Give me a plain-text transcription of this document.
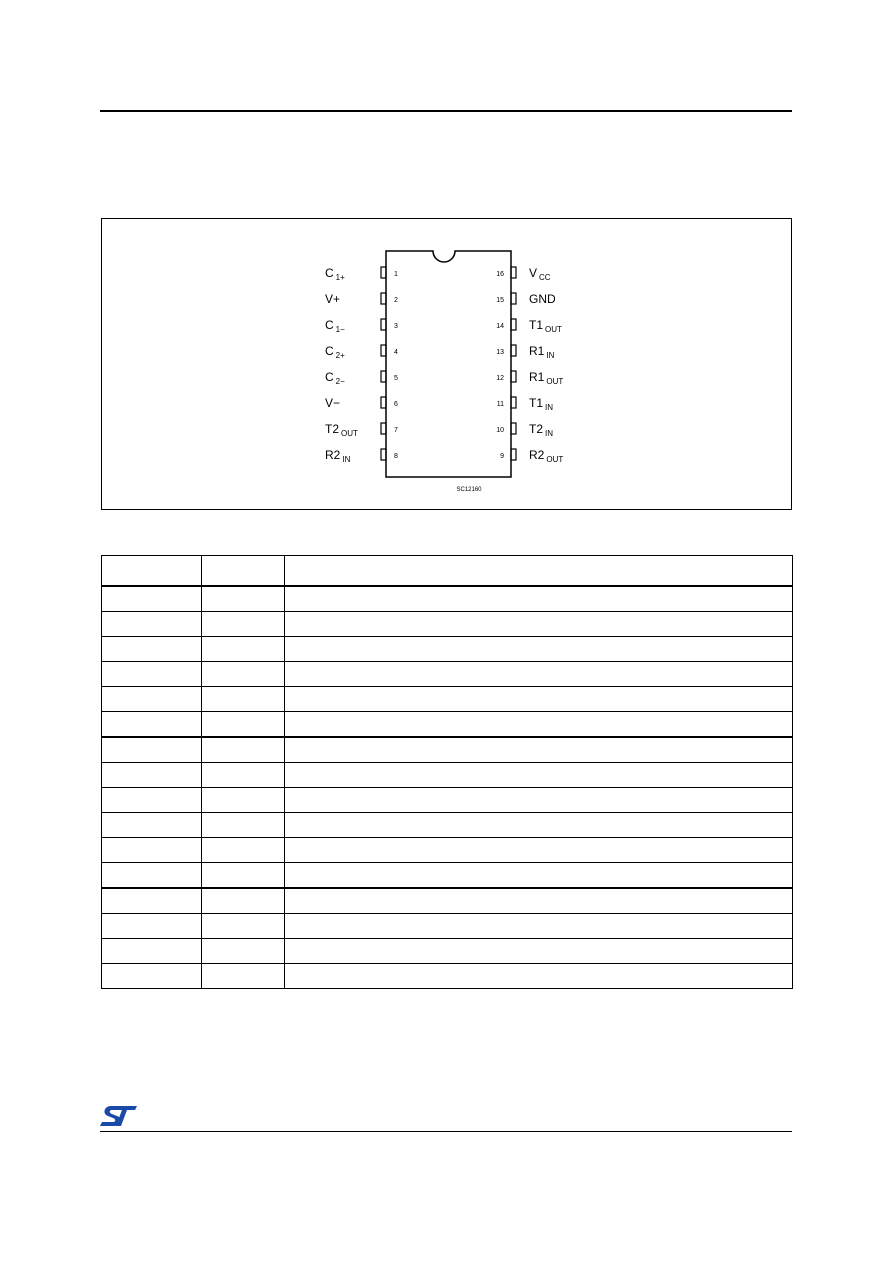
1
C $_{1+}$
2
V+
3
C $_{1-}$
4
C $_{2+}$
5
C $_{2-}$
6
V−
7
T2 $_{OUT}$
8
R2 $_{IN}$
16 V $_{CC}$
15 GND
14 T1 $_{OUT}$
13 R1 $_{IN}$
12 R1 $_{OUT}$
11 T1 $_{IN}$
10 T2 $_{IN}$
9 R2 $_{OUT}$
SC12160
